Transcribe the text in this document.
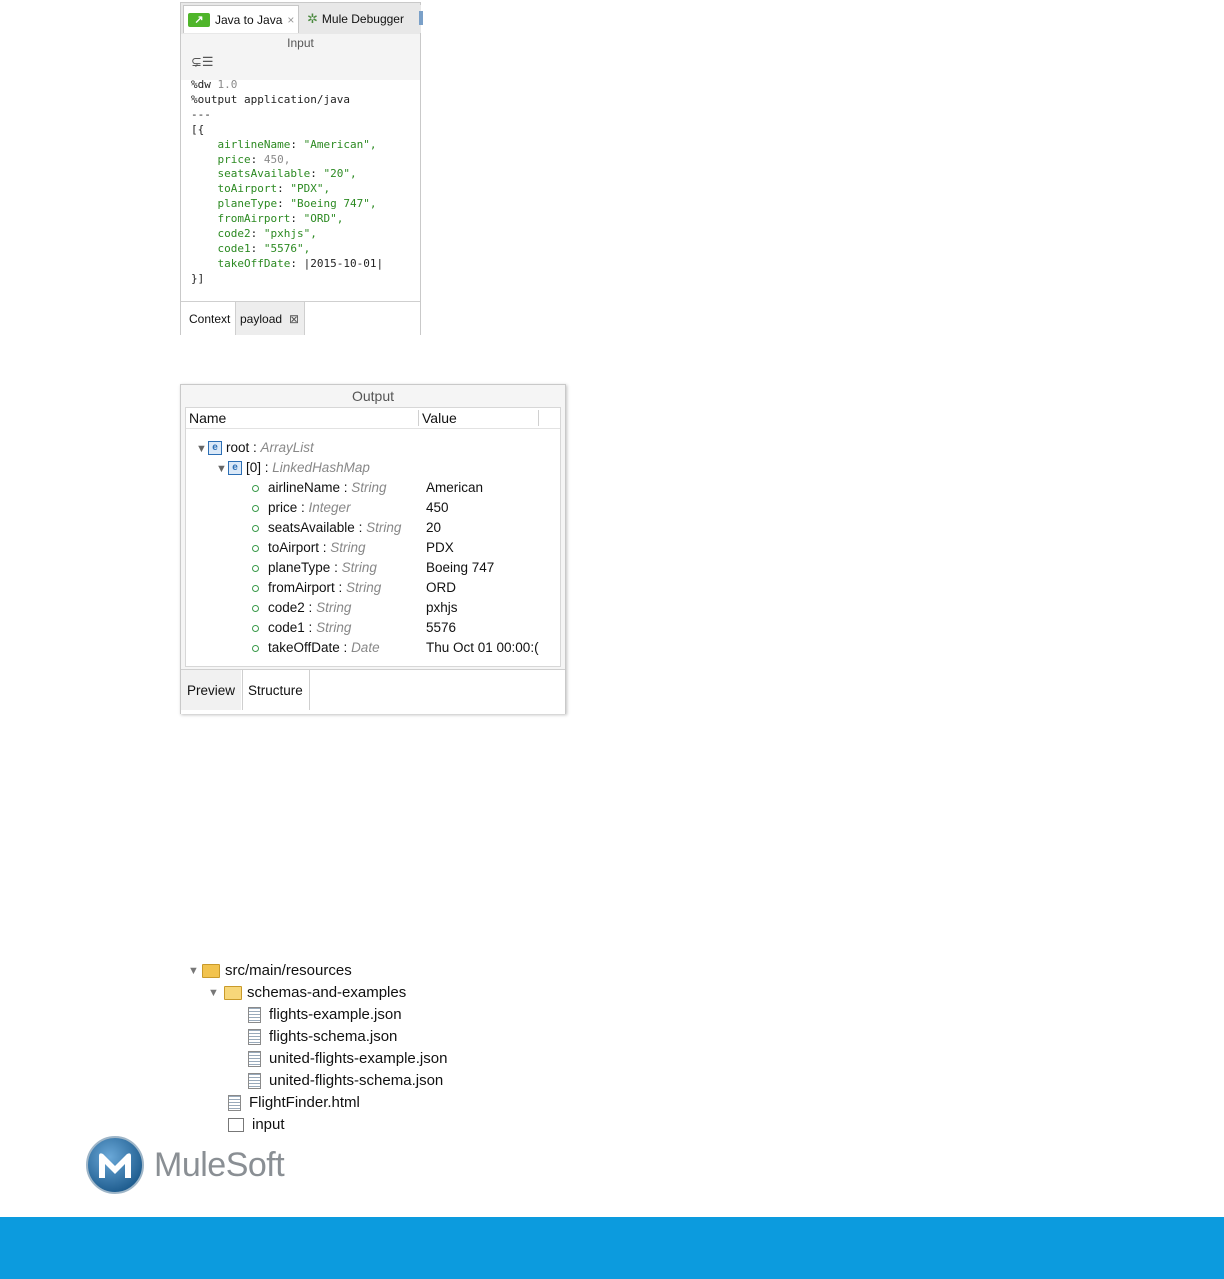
↗ Java to Java × ✲ Mule Debugger
Input
⊊☰
%dw 1.0
%output application/java
---
[{
airlineName: "American",
price: 450,
seatsAvailable: "20",
toAirport: "PDX",
planeType: "Boeing 747",
fromAirport: "ORD",
code2: "pxhjs",
code1: "5576",
takeOffDate: |2015-10-01|
}]
Context payload ⊠
Output
Name	Value
▼ e root : ArrayList
▼ e [0] : LinkedHashMap
airlineName : String	American
price : Integer	450
seatsAvailable : String 20
toAirport : String	PDX
planeType : String	Boeing 747
fromAirport : String	ORD
code2 : String	pxhjs
code1 : String	5576
takeOffDate : Date	Thu Oct 01 00:00:(
Preview Structure
▼ src/main/resources
▼	schemas-and-examples
flights-example.json
flights-schema.json
united-flights-example.json
united-flights-schema.json
FlightFinder.html
input
MuleSoft
